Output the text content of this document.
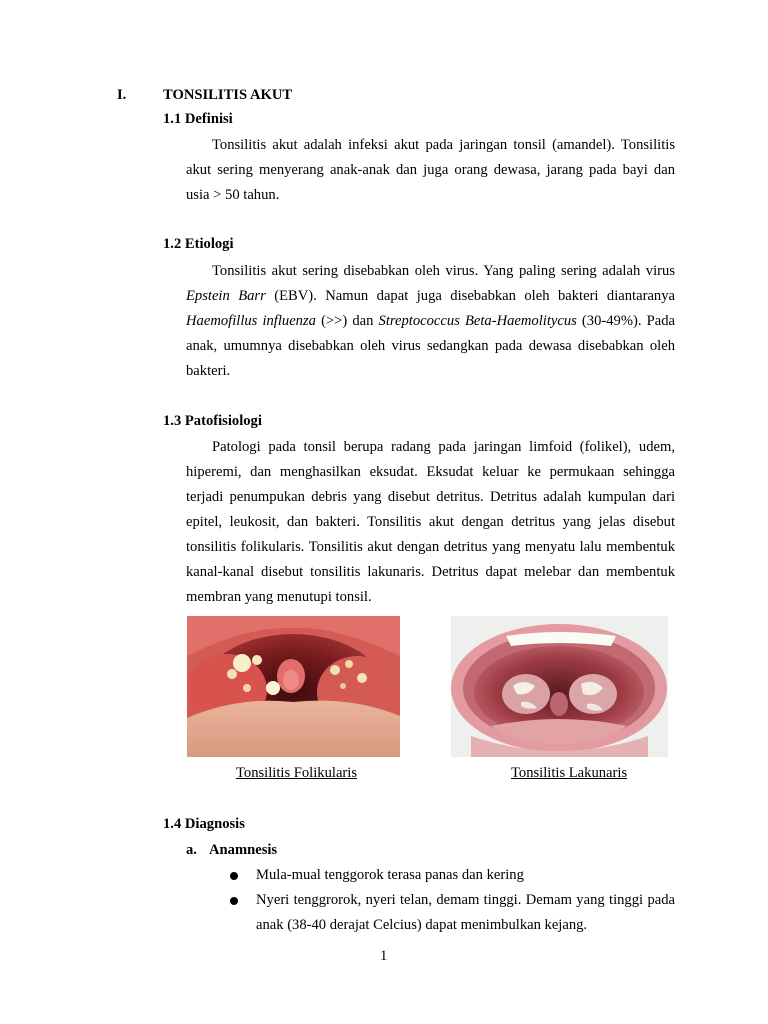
I.	TONSILITIS AKUT
1.1 Definisi

Tonsilitis akut adalah infeksi akut pada jaringan tonsil (amandel). Tonsilitis akut sering menyerang anak-anak dan juga orang dewasa, jarang pada bayi dan usia > 50 tahun.

1.2 Etiologi

Tonsilitis akut sering disebabkan oleh virus. Yang paling sering adalah virus Epstein Barr (EBV). Namun dapat juga disebabkan oleh bakteri diantaranya Haemofillus influenza (>>) dan Streptococcus Beta-Haemolitycus (30-49%). Pada anak, umumnya disebabkan oleh virus sedangkan pada dewasa disebabkan oleh bakteri.

1.3 Patofisiologi

Patologi pada tonsil berupa radang pada jaringan limfoid (folikel), udem, hiperemi, dan menghasilkan eksudat. Eksudat keluar ke permukaan sehingga terjadi penumpukan debris yang disebut detritus. Detritus adalah kumpulan dari epitel, leukosit, dan bakteri. Tonsilitis akut dengan detritus yang jelas disebut tonsilitis folikularis. Tonsilitis akut dengan detritus yang menyatu lalu membentuk kanal-kanal disebut tonsilitis lakunaris. Detritus dapat melebar dan membentuk membran yang menutupi tonsil.

Tonsilitis Folikularis	Tonsilitis Lakunaris
1.4 Diagnosis
a. Anamnesis

Mula-mual tenggorok terasa panas dan kering

Nyeri tenggrorok, nyeri telan, demam tinggi. Demam yang tinggi pada anak (38-40 derajat Celcius) dapat menimbulkan kejang.

1
